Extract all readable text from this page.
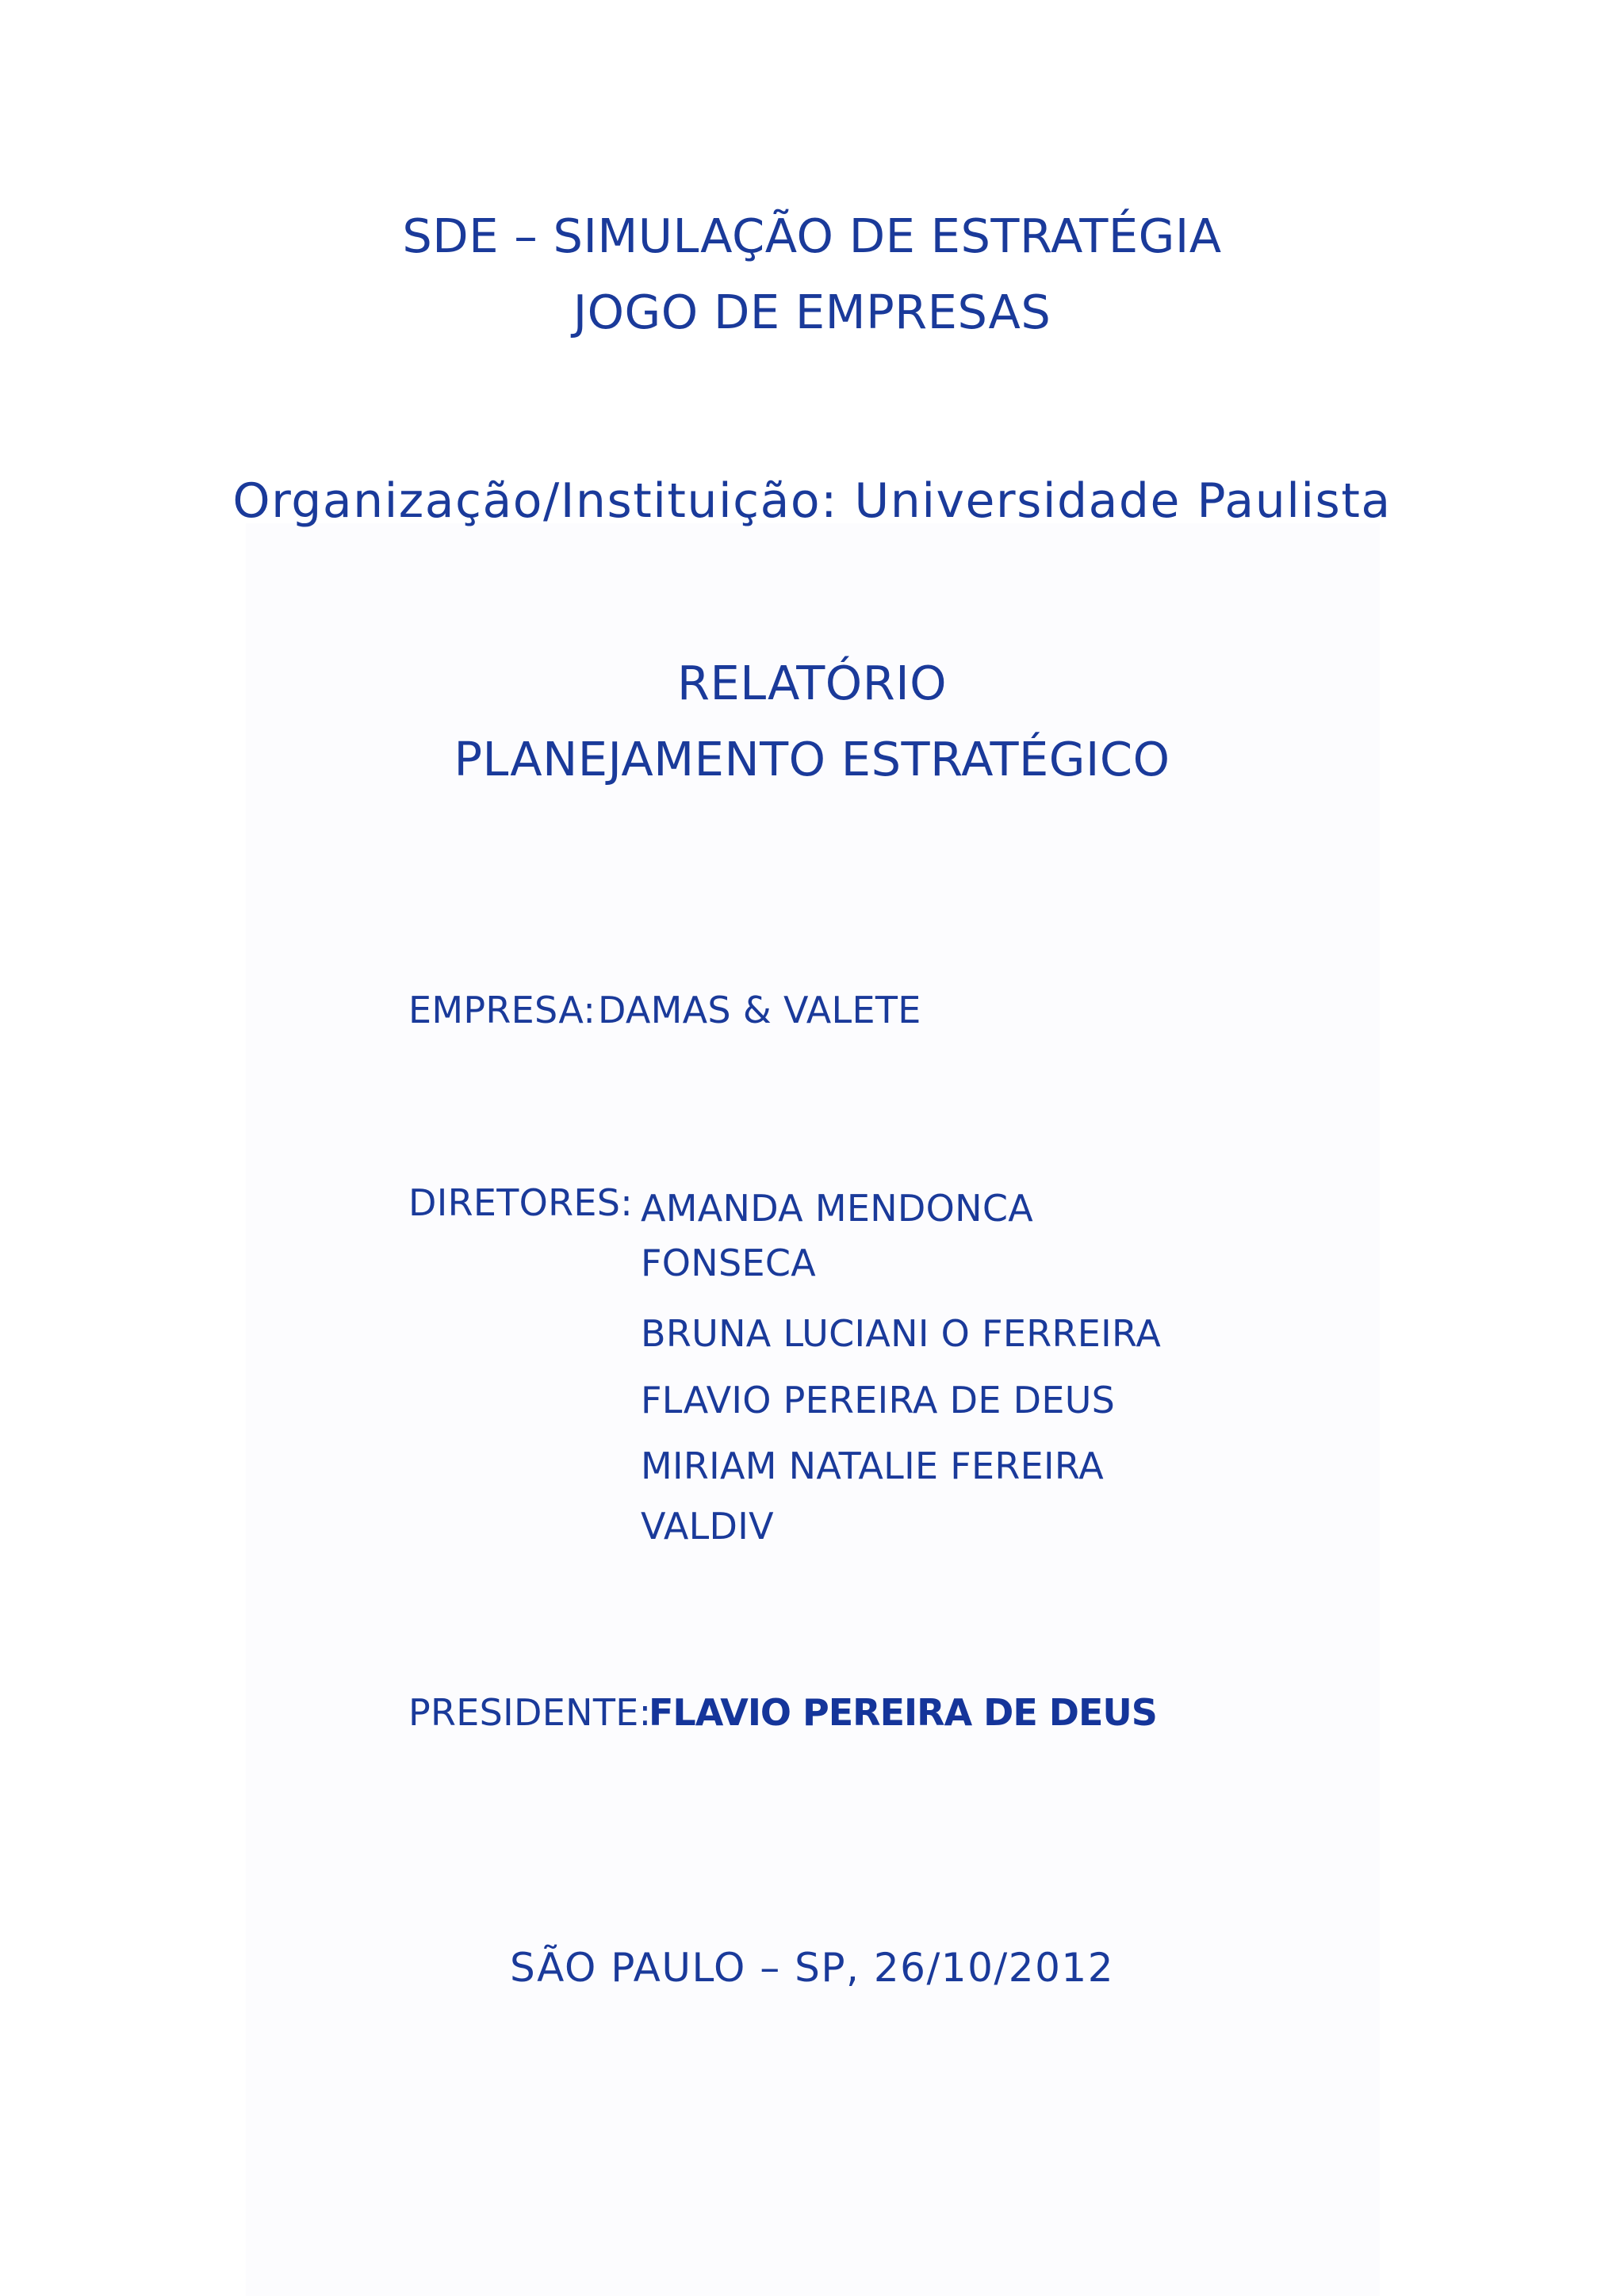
SDE – SIMULAÇÃO DE ESTRATÉGIA
JOGO DE EMPRESAS
Organização/Instituição: Universidade Paulista
RELATÓRIO
PLANEJAMENTO ESTRATÉGICO
EMPRESA: DAMAS & VALETE
DIRETORES: AMANDA MENDONCA
FONSECA
BRUNA LUCIANI O FERREIRA
FLAVIO PEREIRA DE DEUS
MIRIAM NATALIE FEREIRA
VALDIV
PRESIDENTE:
FLAVIO PEREIRA DE DEUS
SÃO PAULO – SP, 26/10/2012
